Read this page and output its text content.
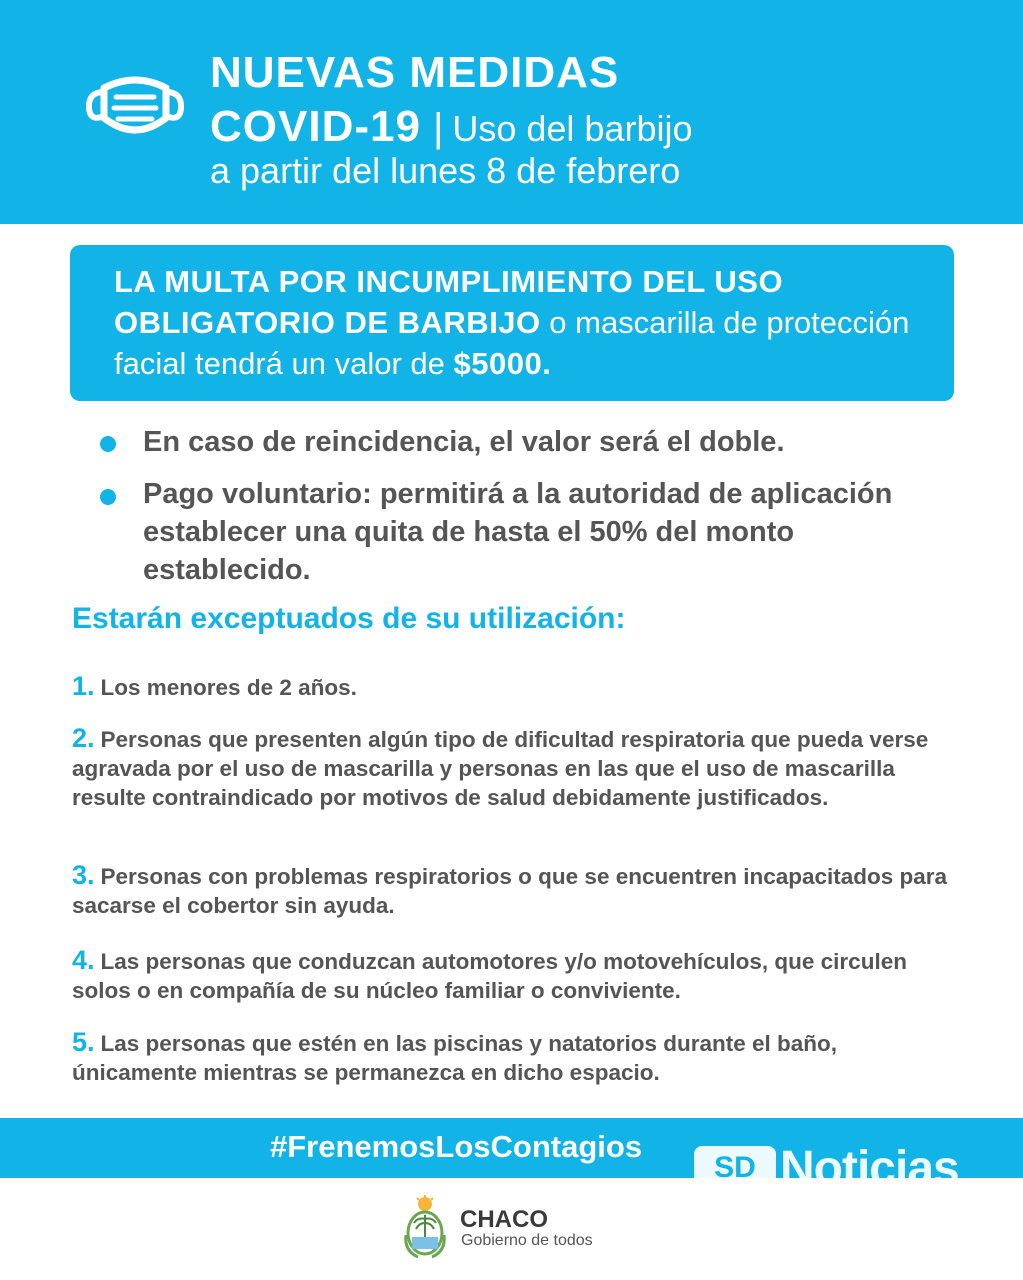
NUEVAS MEDIDAS
COVID-19 | Uso del barbijo
a partir del lunes 8 de febrero
LA MULTA POR INCUMPLIMIENTO DEL USO OBLIGATORIO DE BARBIJO o mascarilla de protección facial tendrá un valor de $5000.
En caso de reincidencia, el valor será el doble.
Pago voluntario: permitirá a la autoridad de aplicación establecer una quita de hasta el 50% del monto establecido.
Estarán exceptuados de su utilización:
1. Los menores de 2 años.
2. Personas que presenten algún tipo de dificultad respiratoria que pueda verse agravada por el uso de mascarilla y personas en las que el uso de mascarilla resulte contraindicado por motivos de salud debidamente justificados.
3. Personas con problemas respiratorios o que se encuentren incapacitados para sacarse el cobertor sin ayuda.
4. Las personas que conduzcan automotores y/o motovehículos, que circulen solos o en compañía de su núcleo familiar o conviviente.
5. Las personas que estén en las piscinas y natatorios durante el baño, únicamente mientras se permanezca en dicho espacio.
#FrenemosLosContagios
SD Noticias
CHACO
Gobierno de todos
